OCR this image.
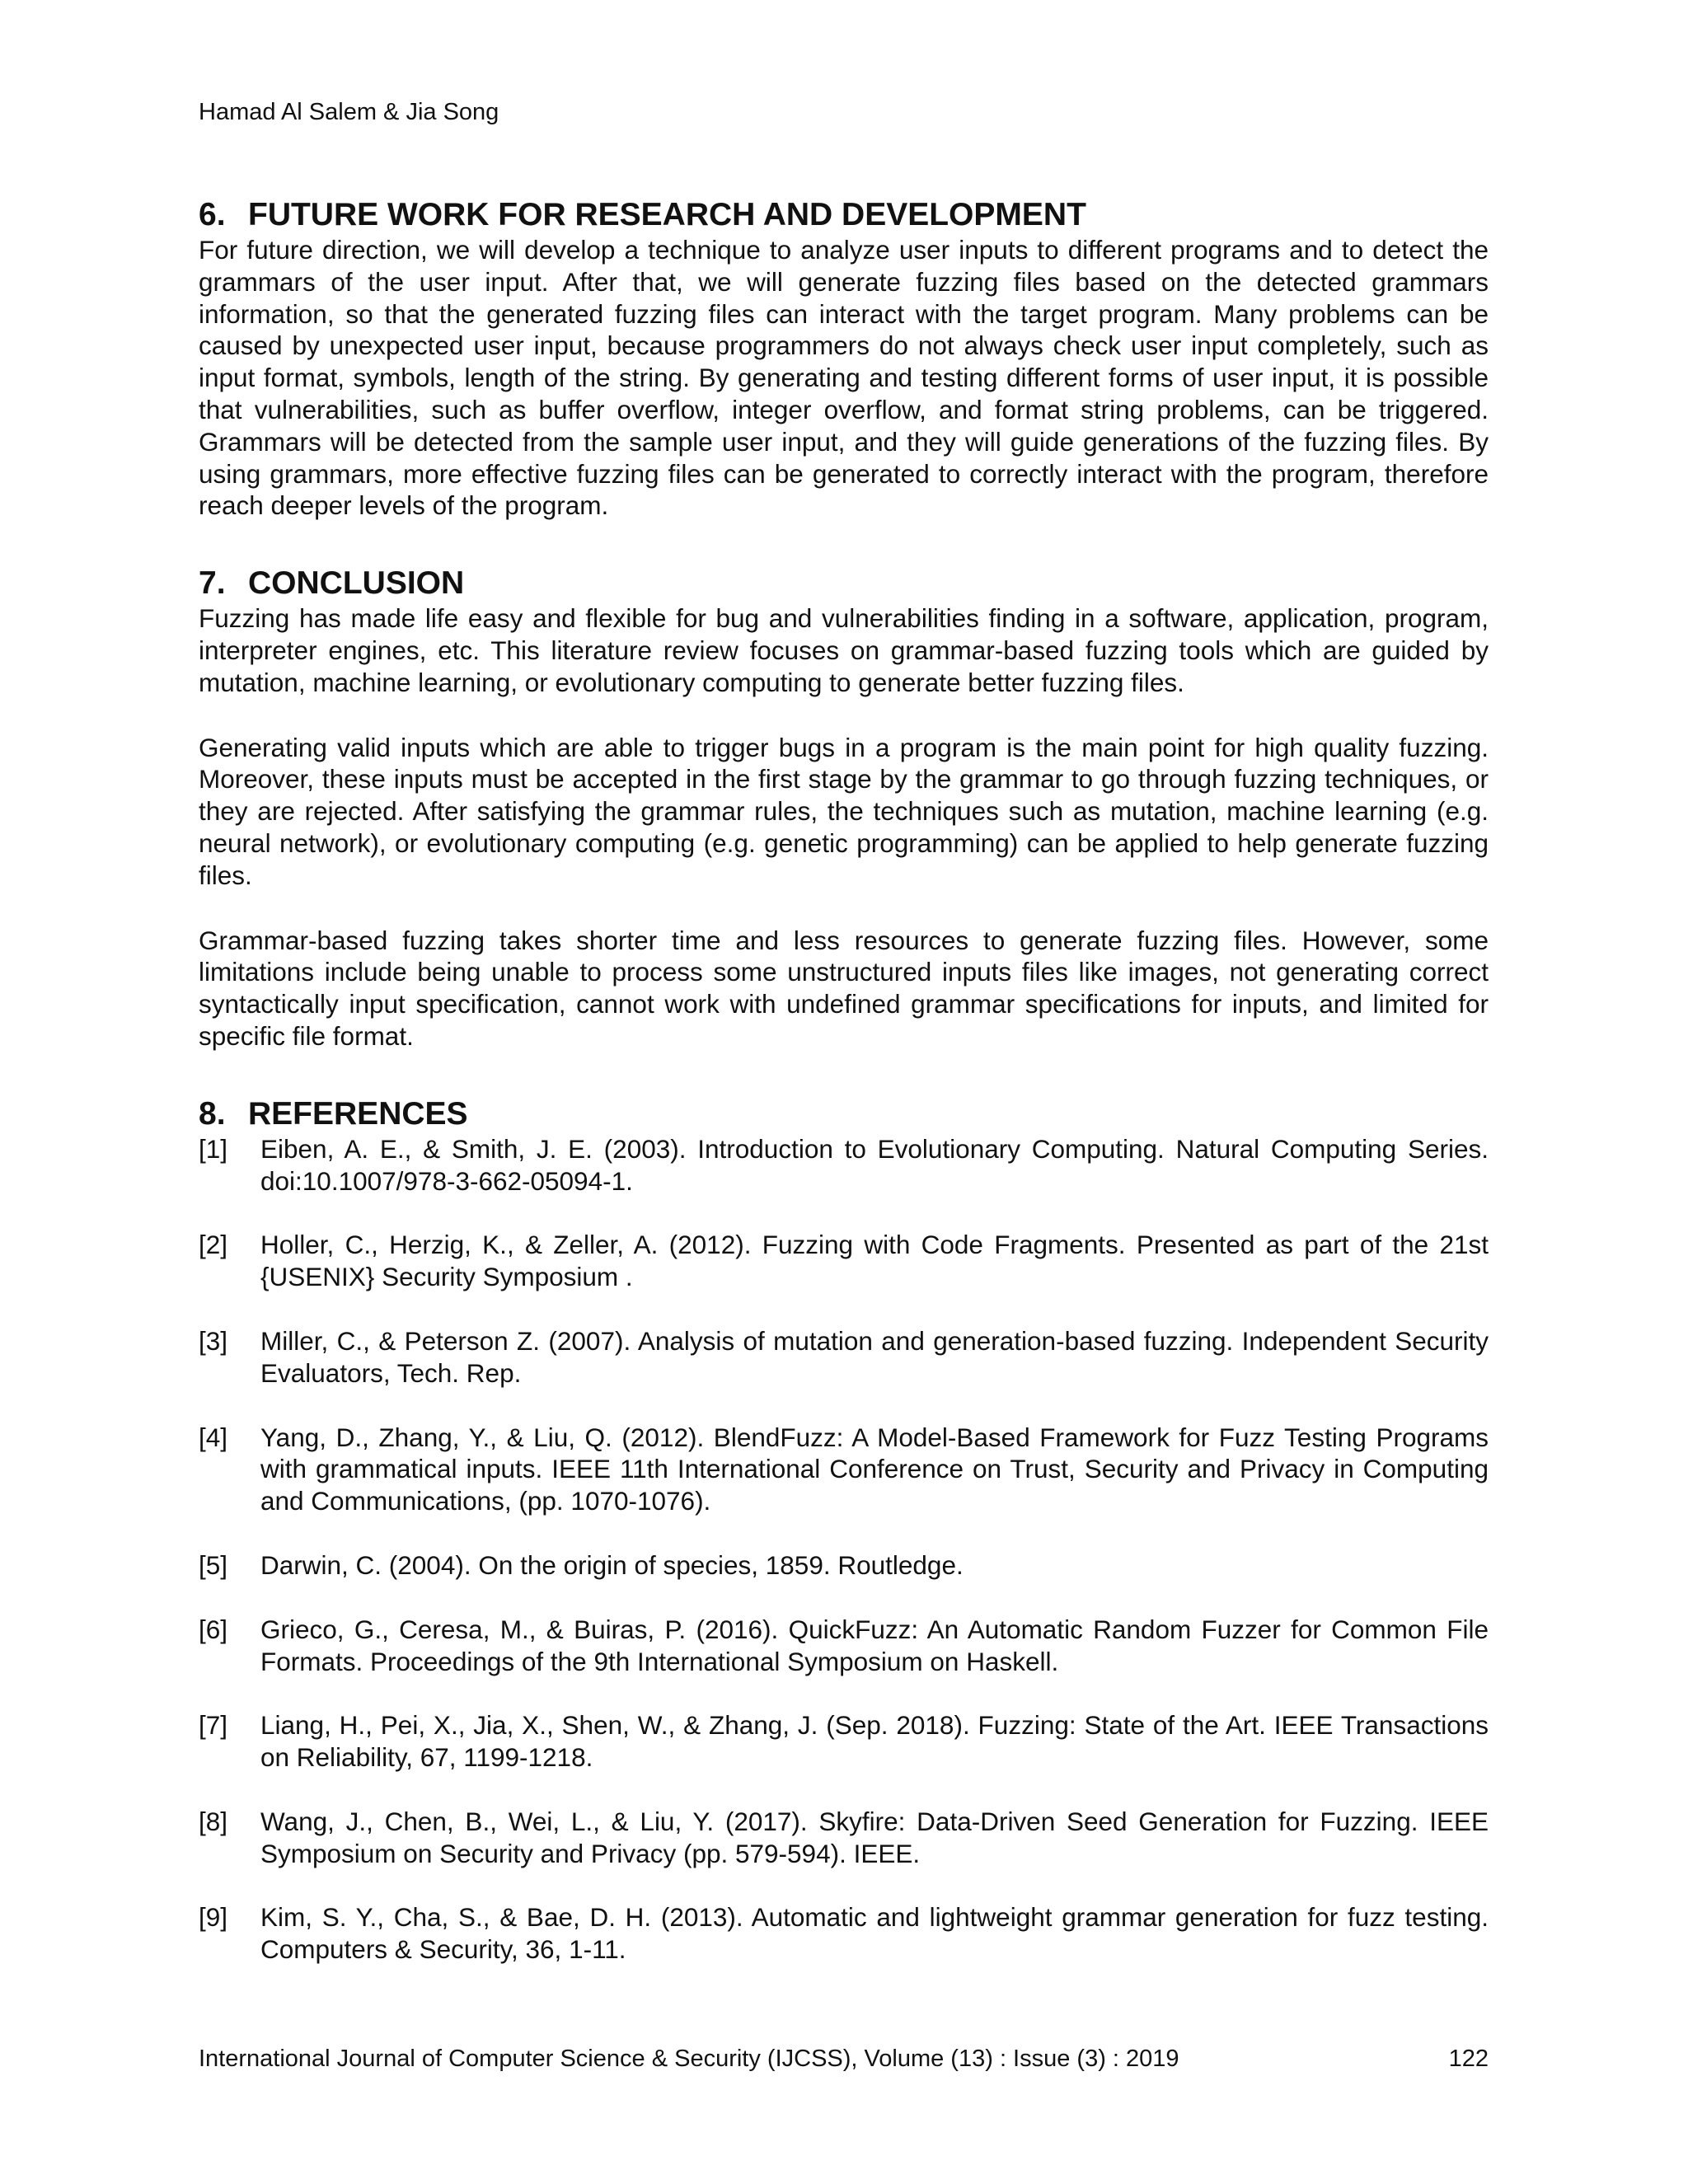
Hamad Al Salem & Jia Song
6. FUTURE WORK FOR RESEARCH AND DEVELOPMENT

For future direction, we will develop a technique to analyze user inputs to different programs and to detect the grammars of the user input. After that, we will generate fuzzing files based on the detected grammars information, so that the generated fuzzing files can interact with the target program. Many problems can be caused by unexpected user input, because programmers do not always check user input completely, such as input format, symbols, length of the string. By generating and testing different forms of user input, it is possible that vulnerabilities, such as buffer overflow, integer overflow, and format string problems, can be triggered. Grammars will be detected from the sample user input, and they will guide generations of the fuzzing files. By using grammars, more effective fuzzing files can be generated to correctly interact with the program, therefore reach deeper levels of the program.

7. CONCLUSION

Fuzzing has made life easy and flexible for bug and vulnerabilities finding in a software, application, program, interpreter engines, etc. This literature review focuses on grammar-based fuzzing tools which are guided by mutation, machine learning, or evolutionary computing to generate better fuzzing files.

Generating valid inputs which are able to trigger bugs in a program is the main point for high quality fuzzing. Moreover, these inputs must be accepted in the first stage by the grammar to go through fuzzing techniques, or they are rejected. After satisfying the grammar rules, the techniques such as mutation, machine learning (e.g. neural network), or evolutionary computing (e.g. genetic programming) can be applied to help generate fuzzing files.

Grammar-based fuzzing takes shorter time and less resources to generate fuzzing files. However, some limitations include being unable to process some unstructured inputs files like images, not generating correct syntactically input specification, cannot work with undefined grammar specifications for inputs, and limited for specific file format.

8. REFERENCES
[1]	Eiben, A. E., & Smith, J. E. (2003). Introduction to Evolutionary Computing. Natural Computing Series. doi:10.1007/978-3-662-05094-1.
[2]	Holler, C., Herzig, K., & Zeller, A. (2012). Fuzzing with Code Fragments. Presented as part of the 21st {USENIX} Security Symposium .
[3]	Miller, C., & Peterson Z. (2007). Analysis of mutation and generation-based fuzzing. Independent Security Evaluators, Tech. Rep.
[4]	Yang, D., Zhang, Y., & Liu, Q. (2012). BlendFuzz: A Model-Based Framework for Fuzz Testing Programs with grammatical inputs. IEEE 11th International Conference on Trust, Security and Privacy in Computing and Communications, (pp. 1070-1076).
[5]	Darwin, C. (2004). On the origin of species, 1859. Routledge.
[6]	Grieco, G., Ceresa, M., & Buiras, P. (2016). QuickFuzz: An Automatic Random Fuzzer for Common File Formats. Proceedings of the 9th International Symposium on Haskell.
[7]	Liang, H., Pei, X., Jia, X., Shen, W., & Zhang, J. (Sep. 2018). Fuzzing: State of the Art. IEEE Transactions on Reliability, 67, 1199-1218.
[8]	Wang, J., Chen, B., Wei, L., & Liu, Y. (2017). Skyfire: Data-Driven Seed Generation for Fuzzing. IEEE Symposium on Security and Privacy (pp. 579-594). IEEE.
[9]	Kim, S. Y., Cha, S., & Bae, D. H. (2013). Automatic and lightweight grammar generation for fuzz testing. Computers & Security, 36, 1-11.
International Journal of Computer Science & Security (IJCSS), Volume (13) : Issue (3) : 2019	122
